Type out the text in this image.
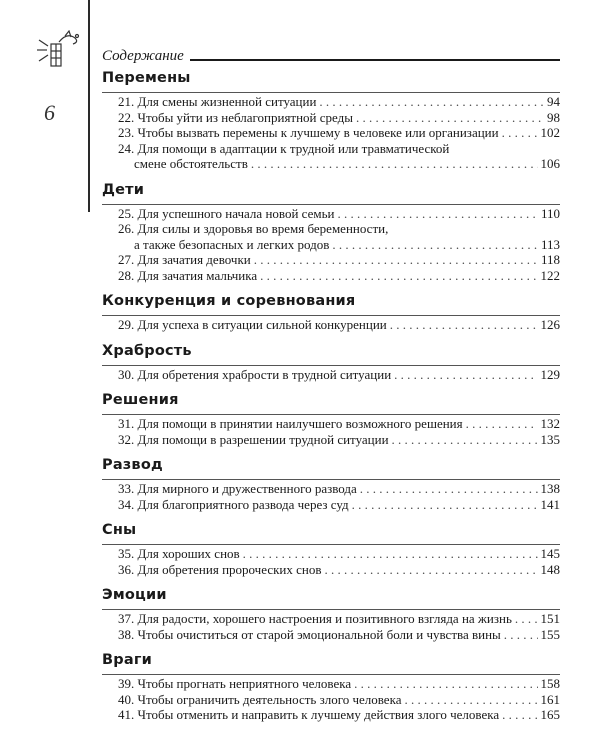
6
Содержание
Перемены
21. Для смены жизненной ситуации . . .	94
22. Чтобы уйти из неблагоприятной среды . . .	98
23. Чтобы вызвать перемены к лучшему в человеке или организации . . .	102
24. Для помощи в адаптации к трудной или травматической
смене обстоятельств . . .	106
Дети
25. Для успешного начала новой семьи . . .	110
26. Для силы и здоровья во время беременности,
а также безопасных и легких родов . . .	113
27. Для зачатия девочки . . .	118
28. Для зачатия мальчика . . .	122
Конкуренция и соревнования
29. Для успеха в ситуации сильной конкуренции . . .	126
Храбрость
30. Для обретения храбрости в трудной ситуации . . .	129
Решения
31. Для помощи в принятии наилучшего возможного решения . . .	132
32. Для помощи в разрешении трудной ситуации . . .	135
Развод
33. Для мирного и дружественного развода . . .	138
34. Для благоприятного развода через суд . . .	141
Сны
35. Для хороших снов . . .	145
36. Для обретения пророческих снов . . .	148
Эмоции
37. Для радости, хорошего настроения и позитивного взгляда на жизнь . . . 151
38. Чтобы очиститься от старой эмоциональной боли и чувства вины . . .	155
Враги
39. Чтобы прогнать неприятного человека . . .	158
40. Чтобы ограничить деятельность злого человека . . .	161
41. Чтобы отменить и направить к лучшему действия злого человека . . .	165
